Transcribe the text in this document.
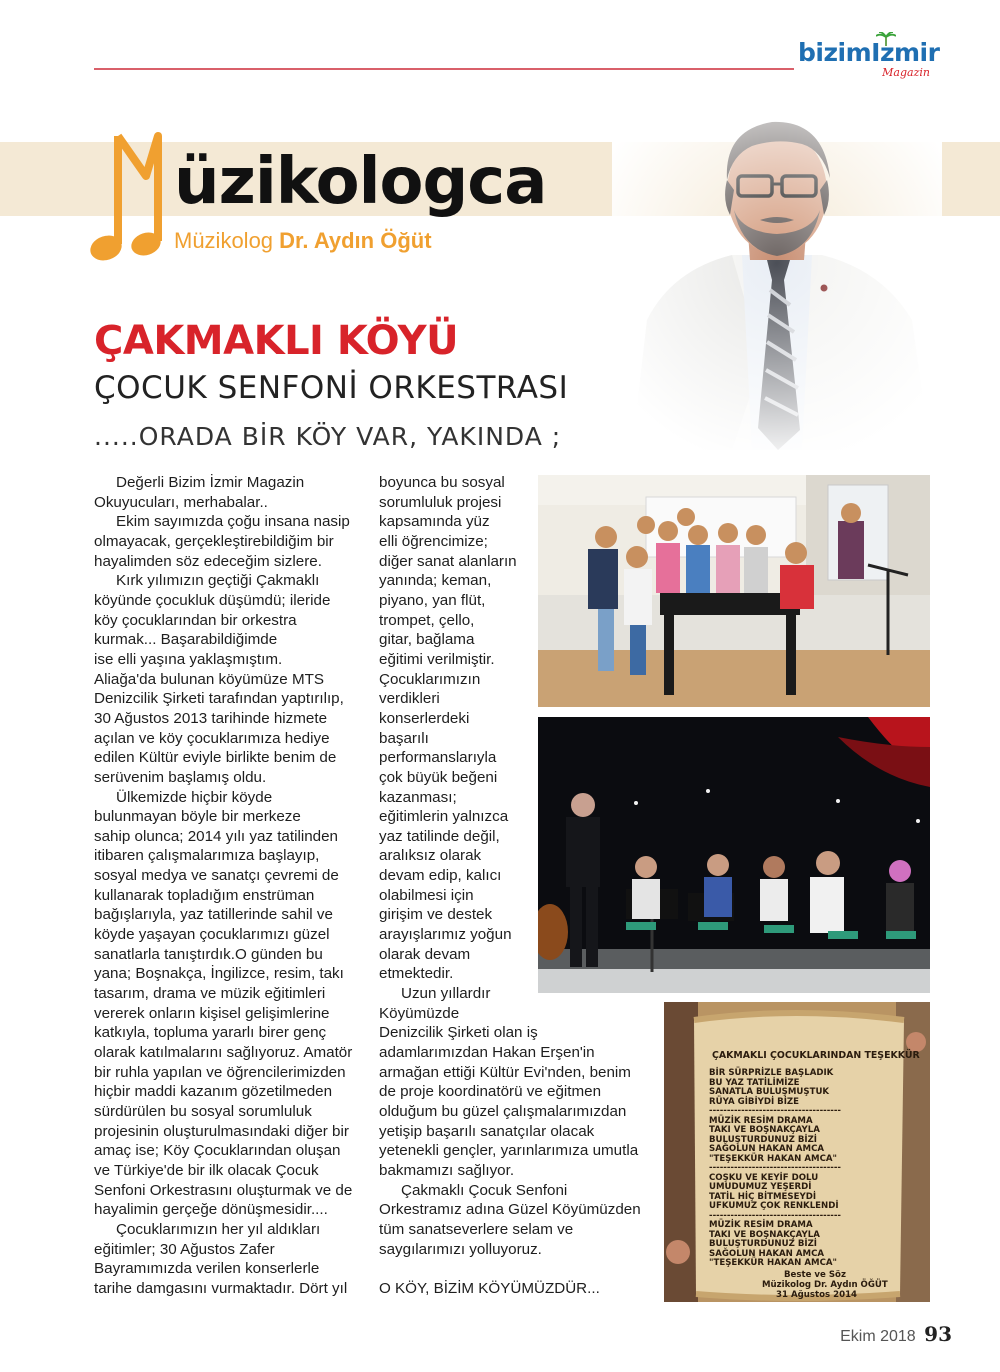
bizimIzmir
Magazin
üzikologca
Müzikolog Dr. Aydın Öğüt
ÇAKMAKLI KÖYÜ
ÇOCUK SENFONİ ORKESTRASI
.....ORADA BİR KÖY VAR, YAKINDA ;

Değerli Bizim İzmir Magazin

Okuyucuları, merhabalar..

Ekim sayımızda çoğu insana nasip

olmayacak, gerçekleştirebildiğim bir

hayalimden söz edeceğim sizlere.

Kırk yılımızın geçtiği Çakmaklı

köyünde çocukluk düşümdü; ileride

köy çocuklarından bir orkestra

kurmak... Başarabildiğimde

ise elli yaşına yaklaşmıştım.

Aliağa'da bulunan köyümüze MTS

Denizcilik Şirketi tarafından yaptırılıp,

30 Ağustos 2013 tarihinde hizmete

açılan ve köy çocuklarımıza hediye

edilen Kültür eviyle birlikte benim de

serüvenim başlamış oldu.

Ülkemizde hiçbir köyde

bulunmayan böyle bir merkeze

sahip olunca; 2014 yılı yaz tatilinden

itibaren çalışmalarımıza başlayıp,

sosyal medya ve sanatçı çevremi de

kullanarak topladığım enstrüman

bağışlarıyla, yaz tatillerinde sahil ve

köyde yaşayan çocuklarımızı güzel

sanatlarla tanıştırdık.O günden bu

yana; Boşnakça, İngilizce, resim, takı

tasarım, drama ve müzik eğitimleri

vererek onların kişisel gelişimlerine

katkıyla, topluma yararlı birer genç

olarak katılmalarını sağlıyoruz. Amatör

bir ruhla yapılan ve öğrencilerimizden

hiçbir maddi kazanım gözetilmeden

sürdürülen bu sosyal sorumluluk

projesinin oluşturulmasındaki diğer bir

amaç ise; Köy Çocuklarından oluşan

ve Türkiye'de bir ilk olacak Çocuk

Senfoni Orkestrasını oluşturmak ve de

hayalimin gerçeğe dönüşmesidir....

Çocuklarımızın her yıl aldıkları

eğitimler; 30 Ağustos Zafer

Bayramımızda verilen konserlerle

tarihe damgasını vurmaktadır. Dört yıl

boyunca bu sosyal

sorumluluk projesi

kapsamında yüz

elli öğrencimize;

diğer sanat alanların

yanında; keman,

piyano, yan flüt,

trompet, çello,

gitar, bağlama

eğitimi verilmiştir.

Çocuklarımızın

verdikleri

konserlerdeki

başarılı

performanslarıyla

çok büyük beğeni

kazanması;

eğitimlerin yalnızca

yaz tatilinde değil,

aralıksız olarak

devam edip, kalıcı

olabilmesi için

girişim ve destek

arayışlarımız yoğun

olarak devam

etmektedir.

Uzun yıllardır

Köyümüzde

Denizcilik Şirketi olan iş

adamlarımızdan Hakan Erşen'in

armağan ettiği Kültür Evi'nden, benim

de proje koordinatörü ve eğitmen

olduğum bu güzel çalışmalarımızdan

yetişip başarılı sanatçılar olacak

yetenekli gençler, yarınlarımıza umutla

bakmamızı sağlıyor.

Çakmaklı Çocuk Senfoni

Orkestramız adına Güzel Köyümüzden

tüm sanatseverlere selam ve

saygılarımızı yolluyoruz.

O KÖY, BİZİM KÖYÜMÜZDÜR...

ÇAKMAKLI ÇOCUKLARINDAN TEŞEKKÜR
BİR SÜRPRİZLE BAŞLADIK
BU YAZ TATİLİMİZE
SANATLA BULUŞMUŞTUK
RÜYA GİBİYDİ BİZE
-------------------------------------
MÜZİK RESİM DRAMA
TAKI VE BOŞNAKÇAYLA
BULUŞTURDUNUZ BİZİ
SAĞOLUN HAKAN AMCA
"TEŞEKKÜR HAKAN AMCA"
-------------------------------------
COŞKU VE KEYİF DOLU
UMUDUMUZ YEŞERDİ
TATİL HİÇ BİTMESEYDİ
UFKUMUZ ÇOK RENKLENDİ
-------------------------------------
MÜZİK RESİM DRAMA
TAKI VE BOŞNAKÇAYLA
BULUŞTURDUNUZ BİZİ
SAĞOLUN HAKAN AMCA
"TEŞEKKÜR HAKAN AMCA"
Beste ve Söz
Müzikolog Dr. Aydın ÖĞÜT
31 Ağustos 2014
Ekim 2018 93
